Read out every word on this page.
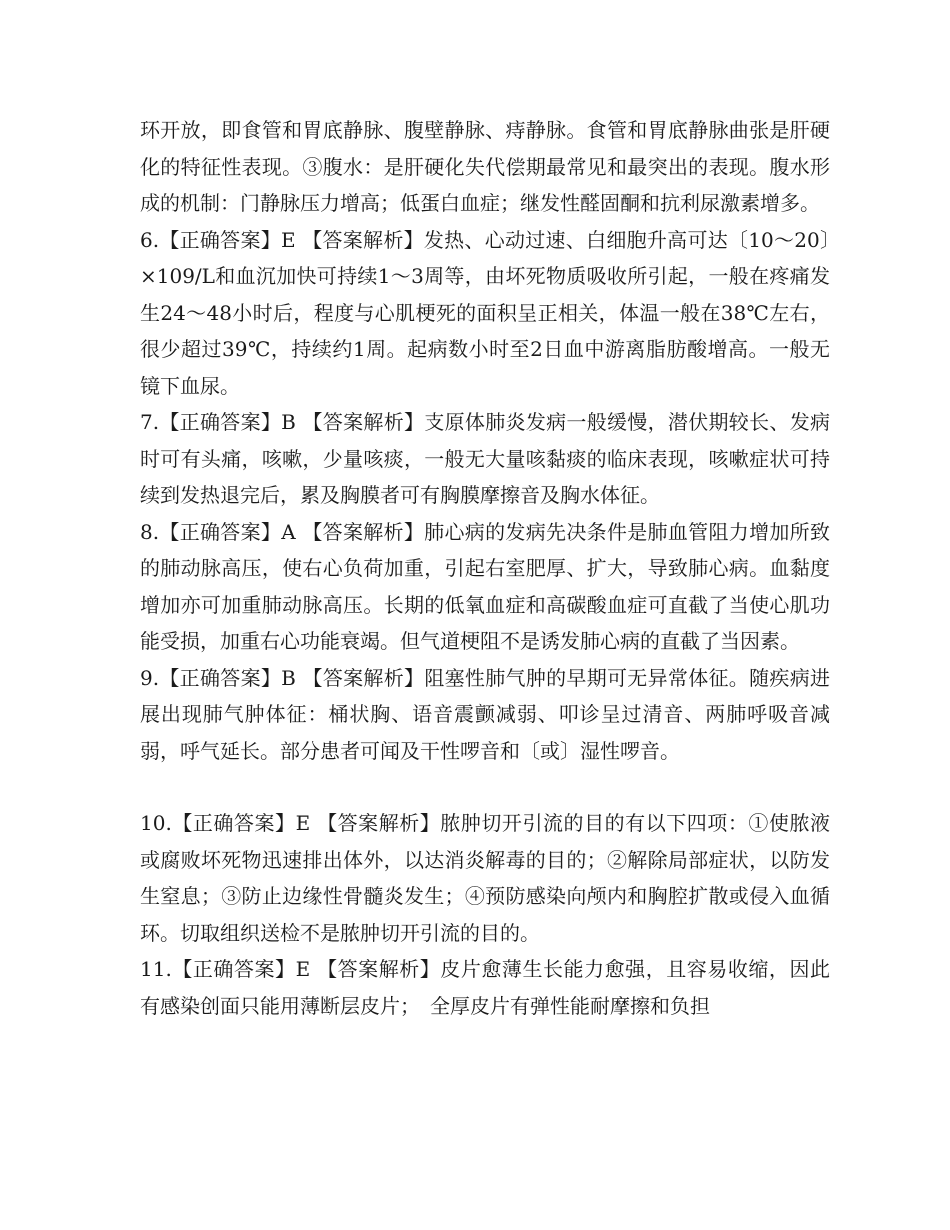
环开放，即食管和胃底静脉、腹壁静脉、痔静脉。食管和胃底静脉曲张是肝硬化的特征性表现。③腹水：是肝硬化失代偿期最常见和最突出的表现。腹水形成的机制：门静脉压力增高；低蛋白血症；继发性醛固酮和抗利尿激素增多。

6.【正确答案】E 【答案解析】发热、心动过速、白细胞升高可达〔10～20〕×109/L和血沉加快可持续1～3周等，由坏死物质吸收所引起，一般在疼痛发生24～48小时后，程度与心肌梗死的面积呈正相关，体温一般在38℃左右，很少超过39℃，持续约1周。起病数小时至2日血中游离脂肪酸增高。一般无镜下血尿。

7.【正确答案】B 【答案解析】支原体肺炎发病一般缓慢，潜伏期较长、发病时可有头痛，咳嗽，少量咳痰，一般无大量咳黏痰的临床表现，咳嗽症状可持续到发热退完后，累及胸膜者可有胸膜摩擦音及胸水体征。

8.【正确答案】A 【答案解析】肺心病的发病先决条件是肺血管阻力增加所致的肺动脉高压，使右心负荷加重，引起右室肥厚、扩大，导致肺心病。血黏度增加亦可加重肺动脉高压。长期的低氧血症和高碳酸血症可直截了当使心肌功能受损，加重右心功能衰竭。但气道梗阻不是诱发肺心病的直截了当因素。

9.【正确答案】B 【答案解析】阻塞性肺气肿的早期可无异常体征。随疾病进展出现肺气肿体征：桶状胸、语音震颤减弱、叩诊呈过清音、两肺呼吸音减弱，呼气延长。部分患者可闻及干性啰音和〔或〕湿性啰音。

10.【正确答案】E 【答案解析】脓肿切开引流的目的有以下四项：①使脓液或腐败坏死物迅速排出体外，以达消炎解毒的目的；②解除局部症状，以防发生窒息；③防止边缘性骨髓炎发生；④预防感染向颅内和胸腔扩散或侵入血循环。切取组织送检不是脓肿切开引流的目的。

11.【正确答案】E 【答案解析】皮片愈薄生长能力愈强，且容易收缩，因此有感染创面只能用薄断层皮片；　全厚皮片有弹性能耐摩擦和负担
